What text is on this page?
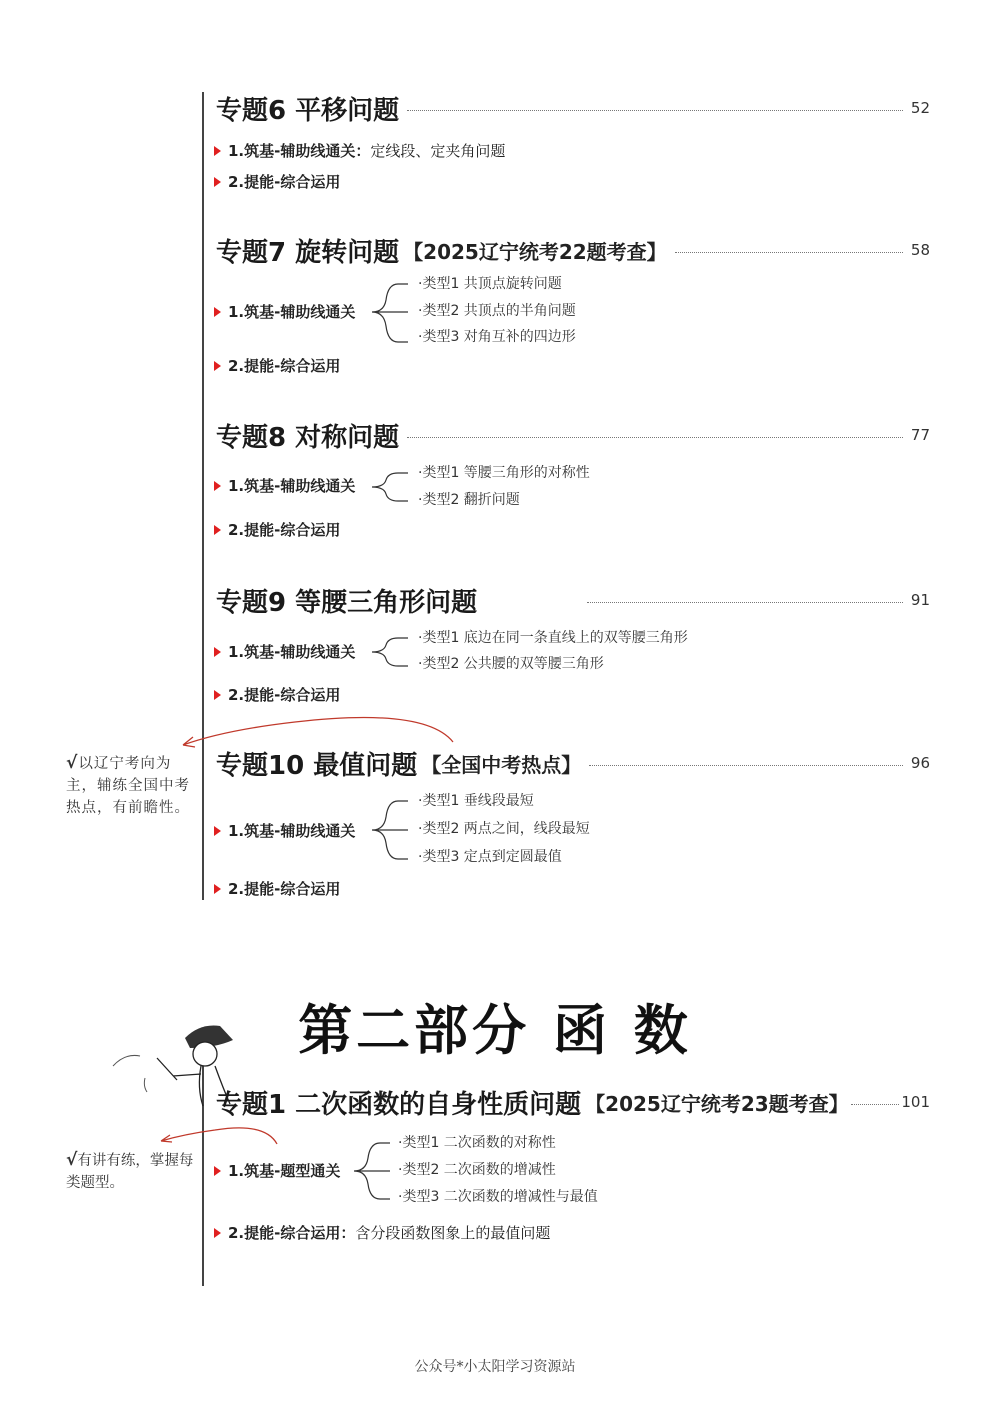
专题6 平移问题	52
1.筑基-辅助线通关：定线段、定夹角问题
2.提能-综合运用
专题7 旋转问题 【2025辽宁统考22题考查】	58
1.筑基-辅助线通关
·类型1 共顶点旋转问题
·类型2 共顶点的半角问题
·类型3 对角互补的四边形
2.提能-综合运用
专题8 对称问题	77
1.筑基-辅助线通关
·类型1 等腰三角形的对称性
·类型2 翻折问题
2.提能-综合运用
专题9 等腰三角形问题	91
1.筑基-辅助线通关
·类型1 底边在同一条直线上的双等腰三角形
·类型2 公共腰的双等腰三角形
2.提能-综合运用
√以辽宁考向为主，辅练全国中考热点，有前瞻性。
专题10 最值问题 【全国中考热点】	96
1.筑基-辅助线通关
·类型1 垂线段最短
·类型2 两点之间，线段最短
·类型3 定点到定圆最值
2.提能-综合运用
第二部分 函 数
专题1 二次函数的自身性质问题 【2025辽宁统考23题考查】	101
√有讲有练，掌握每类题型。
1.筑基-题型通关
·类型1 二次函数的对称性
·类型2 二次函数的增减性
·类型3 二次函数的增减性与最值
2.提能-综合运用：含分段函数图象上的最值问题
公众号*小太阳学习资源站
